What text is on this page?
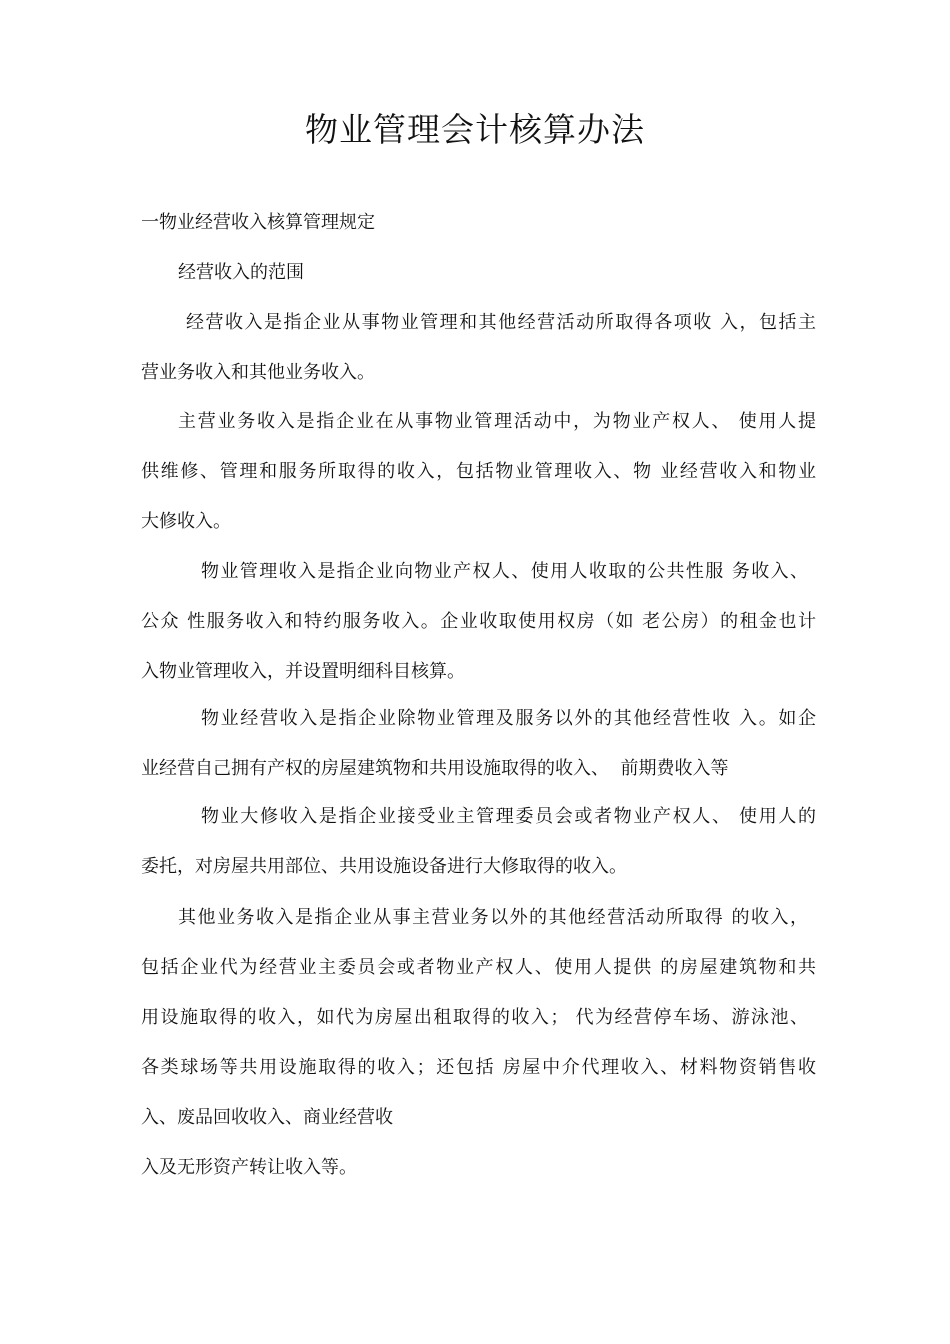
物业管理会计核算办法
一物业经营收入核算管理规定
经营收入的范围
经营收入是指企业从事物业管理和其他经营活动所取得各项收 入，包括主
营业务收入和其他业务收入。
主营业务收入是指企业在从事物业管理活动中，为物业产权人、 使用人提
供维修、管理和服务所取得的收入，包括物业管理收入、物 业经营收入和物业
大修收入。
物业管理收入是指企业向物业产权人、使用人收取的公共性服 务收入、
公众 性服务收入和特约服务收入。企业收取使用权房（如 老公房）的租金也计
入物业管理收入，并设置明细科目核算。
物业经营收入是指企业除物业管理及服务以外的其他经营性收 入。如企
业经营自己拥有产权的房屋建筑物和共用设施取得的收入、  前期费收入等
物业大修收入是指企业接受业主管理委员会或者物业产权人、 使用人的
委托，对房屋共用部位、共用设施设备进行大修取得的收入。
其他业务收入是指企业从事主营业务以外的其他经营活动所取得 的收入，
包括企业代为经营业主委员会或者物业产权人、使用人提供 的房屋建筑物和共
用设施取得的收入，如代为房屋出租取得的收入； 代为经营停车场、游泳池、
各类球场等共用设施取得的收入；还包括 房屋中介代理收入、材料物资销售收
入、废品回收收入、商业经营收
入及无形资产转让收入等。
